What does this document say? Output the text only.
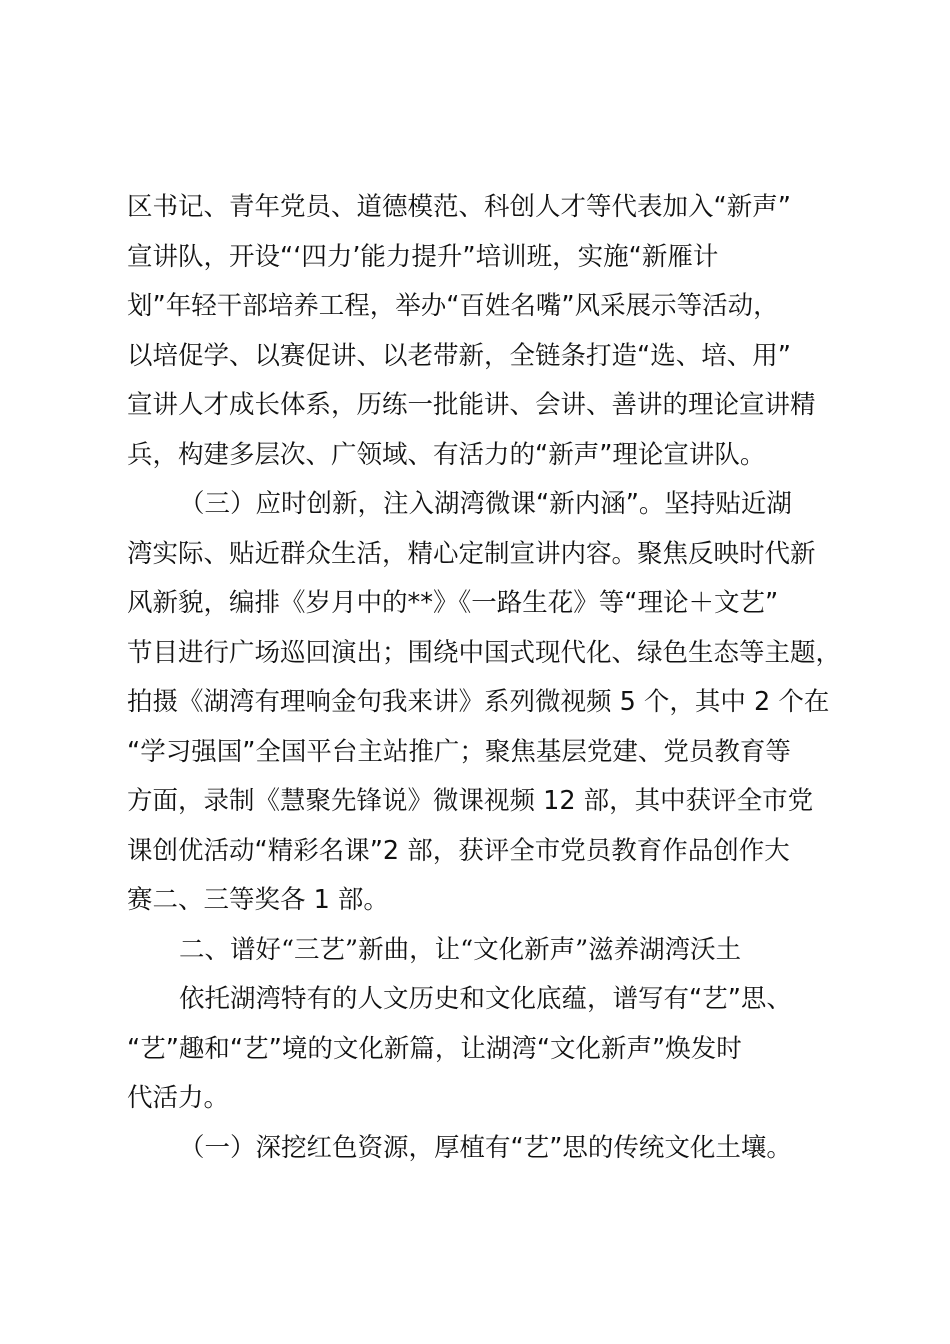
区书记、青年党员、道德模范、科创人才等代表加入“新声”
宣讲队，开设“‘四力’能力提升”培训班，实施“新雁计
划”年轻干部培养工程，举办“百姓名嘴”风采展示等活动，
以培促学、以赛促讲、以老带新，全链条打造“选、培、用”
宣讲人才成长体系，历练一批能讲、会讲、善讲的理论宣讲精
兵，构建多层次、广领域、有活力的“新声”理论宣讲队。
（三）应时创新，注入湖湾微课“新内涵”。坚持贴近湖
湾实际、贴近群众生活，精心定制宣讲内容。聚焦反映时代新
风新貌，编排《岁月中的**》《一路生花》等“理论＋文艺”
节目进行广场巡回演出；围绕中国式现代化、绿色生态等主题，
拍摄《湖湾有理响金句我来讲》系列微视频 5 个，其中 2 个在
“学习强国”全国平台主站推广；聚焦基层党建、党员教育等
方面，录制《慧聚先锋说》微课视频 12 部，其中获评全市党
课创优活动“精彩名课”2 部，获评全市党员教育作品创作大
赛二、三等奖各 1 部。
二、谱好“三艺”新曲，让“文化新声”滋养湖湾沃土
依托湖湾特有的人文历史和文化底蕴，谱写有“艺”思、
“艺”趣和“艺”境的文化新篇，让湖湾“文化新声”焕发时
代活力。
（一）深挖红色资源，厚植有“艺”思的传统文化土壤。
